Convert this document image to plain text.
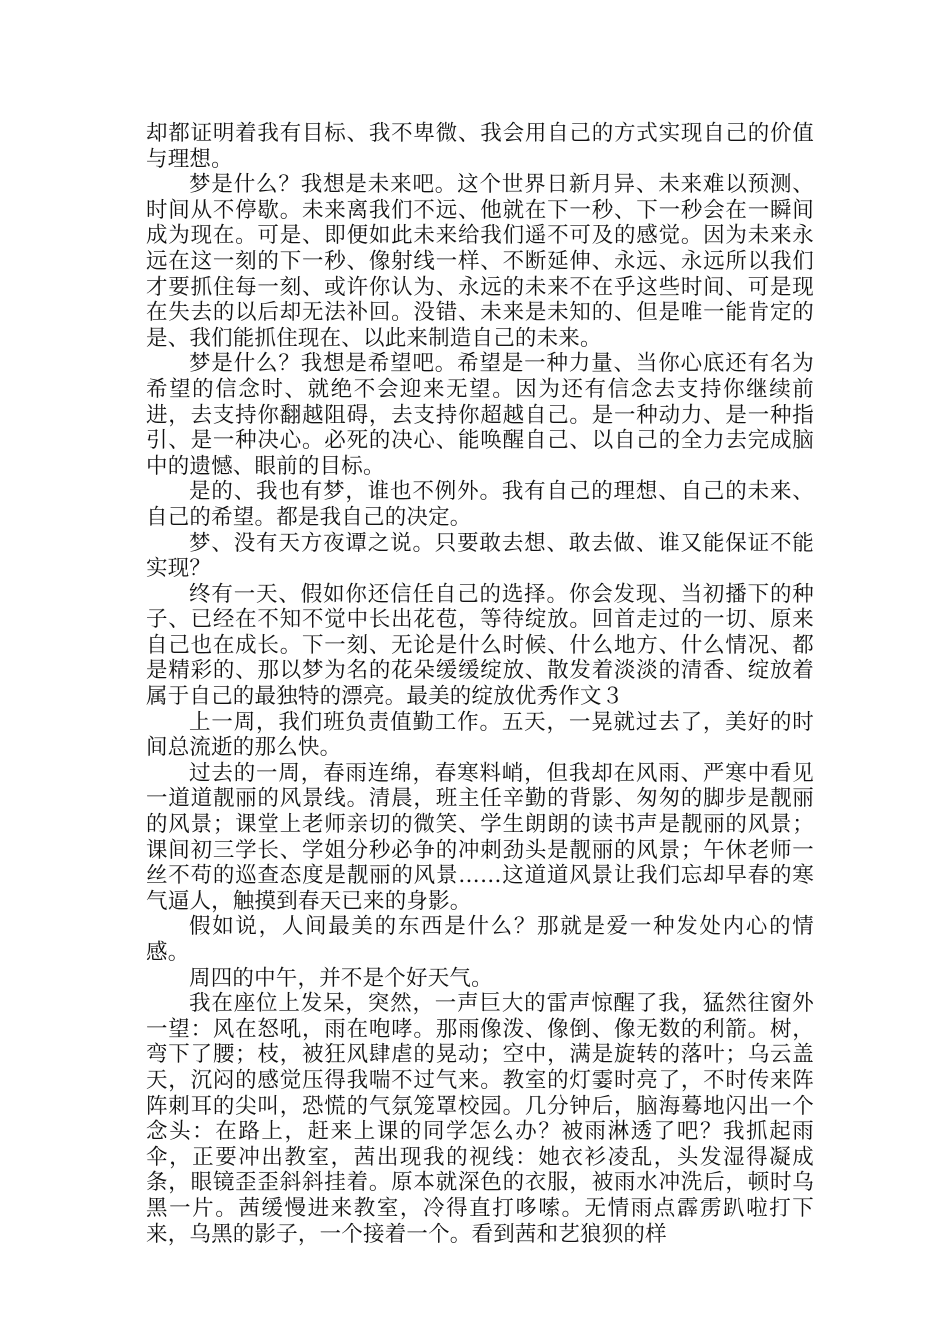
却都证明着我有目标、我不卑微、我会用自己的方式实现自己的价值与理想。

梦是什么？我想是未来吧。这个世界日新月异、未来难以预测、时间从不停歇。未来离我们不远、他就在下一秒、下一秒会在一瞬间成为现在。可是、即便如此未来给我们遥不可及的感觉。因为未来永远在这一刻的下一秒、像射线一样、不断延伸、永远、永远所以我们才要抓住每一刻、或许你认为、永远的未来不在乎这些时间、可是现在失去的以后却无法补回。没错、未来是未知的、但是唯一能肯定的是、我们能抓住现在、以此来制造自己的未来。

梦是什么？我想是希望吧。希望是一种力量、当你心底还有名为希望的信念时、就绝不会迎来无望。因为还有信念去支持你继续前进，去支持你翻越阻碍，去支持你超越自己。是一种动力、是一种指引、是一种决心。必死的决心、能唤醒自己、以自己的全力去完成脑中的遗憾、眼前的目标。

是的、我也有梦，谁也不例外。我有自己的理想、自己的未来、自己的希望。都是我自己的决定。

梦、没有天方夜谭之说。只要敢去想、敢去做、谁又能保证不能实现？

终有一天、假如你还信任自己的选择。你会发现、当初播下的种子、已经在不知不觉中长出花苞，等待绽放。回首走过的一切、原来自己也在成长。下一刻、无论是什么时候、什么地方、什么情况、都是精彩的、那以梦为名的花朵缓缓绽放、散发着淡淡的清香、绽放着属于自己的最独特的漂亮。最美的绽放优秀作文３

上一周，我们班负责值勤工作。五天，一晃就过去了，美好的时间总流逝的那么快。

过去的一周，春雨连绵，春寒料峭，但我却在风雨、严寒中看见一道道靓丽的风景线。清晨，班主任辛勤的背影、匆匆的脚步是靓丽的风景；课堂上老师亲切的微笑、学生朗朗的读书声是靓丽的风景；课间初三学长、学姐分秒必争的冲刺劲头是靓丽的风景；午休老师一丝不苟的巡查态度是靓丽的风景……这道道风景让我们忘却早春的寒气逼人，触摸到春天已来的身影。

假如说，人间最美的东西是什么？那就是爱一种发处内心的情感。

周四的中午，并不是个好天气。

我在座位上发呆，突然，一声巨大的雷声惊醒了我，猛然往窗外一望：风在怒吼，雨在咆哮。那雨像泼、像倒、像无数的利箭。树，弯下了腰；枝，被狂风肆虐的晃动；空中，满是旋转的落叶；乌云盖天，沉闷的感觉压得我喘不过气来。教室的灯霎时亮了，不时传来阵阵刺耳的尖叫，恐慌的气氛笼罩校园。几分钟后，脑海蓦地闪出一个念头：在路上，赶来上课的同学怎么办？被雨淋透了吧？我抓起雨伞，正要冲出教室，茜出现我的视线：她衣衫凌乱，头发湿得凝成条，眼镜歪歪斜斜挂着。原本就深色的衣服，被雨水冲洗后，顿时乌黑一片。茜缓慢进来教室，冷得直打哆嗦。无情雨点霹雳趴啦打下来，乌黑的影子，一个接着一个。看到茜和艺狼狈的样
